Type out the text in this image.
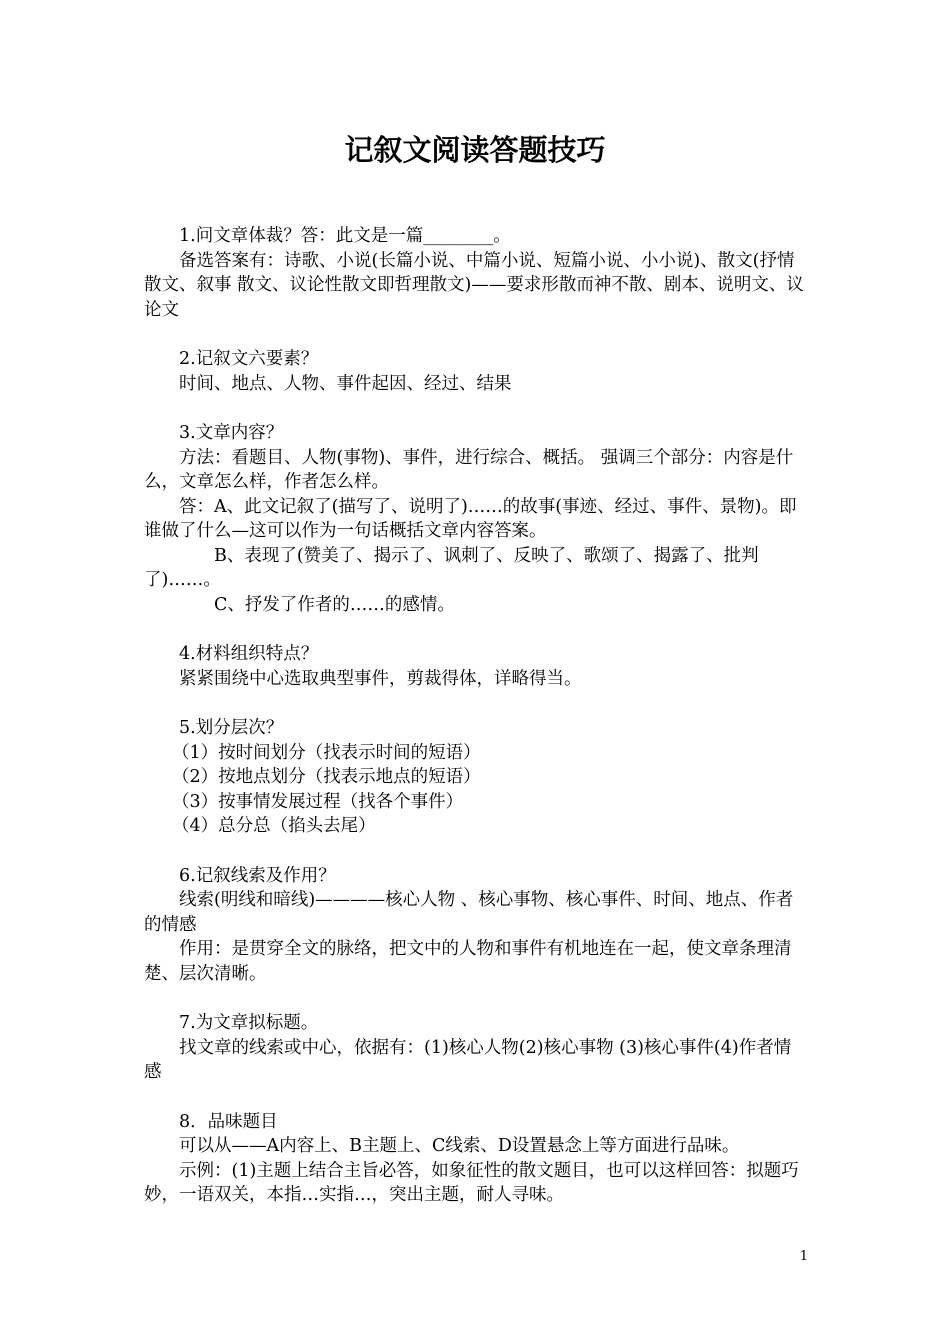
记叙文阅读答题技巧

1.问文章体裁？答：此文是一篇________。

备选答案有：诗歌、小说(长篇小说、中篇小说、短篇小说、小小说)、散文(抒情散文、叙事 散文、议论性散文即哲理散文)——要求形散而神不散、剧本、说明文、议论文

2.记叙文六要素？

时间、地点、人物、事件起因、经过、结果

3.文章内容？

方法：看题目、人物(事物)、事件，进行综合、概括。 强调三个部分：内容是什么，文章怎么样，作者怎么样。

答：A、此文记叙了(描写了、说明了)……的故事(事迹、经过、事件、景物)。即谁做了什么—这可以作为一句话概括文章内容答案。

B、表现了(赞美了、揭示了、讽刺了、反映了、歌颂了、揭露了、批判了)……。

C、抒发了作者的……的感情。

4.材料组织特点？

紧紧围绕中心选取典型事件，剪裁得体，详略得当。

5.划分层次？

（1）按时间划分（找表示时间的短语）

（2）按地点划分（找表示地点的短语）

（3）按事情发展过程（找各个事件）

（4）总分总（掐头去尾）

6.记叙线索及作用？

线索(明线和暗线)————核心人物 、核心事物、核心事件、时间、地点、作者的情感

作用：是贯穿全文的脉络，把文中的人物和事件有机地连在一起，使文章条理清楚、层次清晰。

7.为文章拟标题。

找文章的线索或中心，依据有：(1)核心人物(2)核心事物 (3)核心事件(4)作者情感

8．品味题目

可以从——A内容上、B主题上、C线索、D设置悬念上等方面进行品味。

示例：(1)主题上结合主旨必答，如象征性的散文题目，也可以这样回答：拟题巧妙，一语双关，本指…实指…，突出主题，耐人寻味。

1
